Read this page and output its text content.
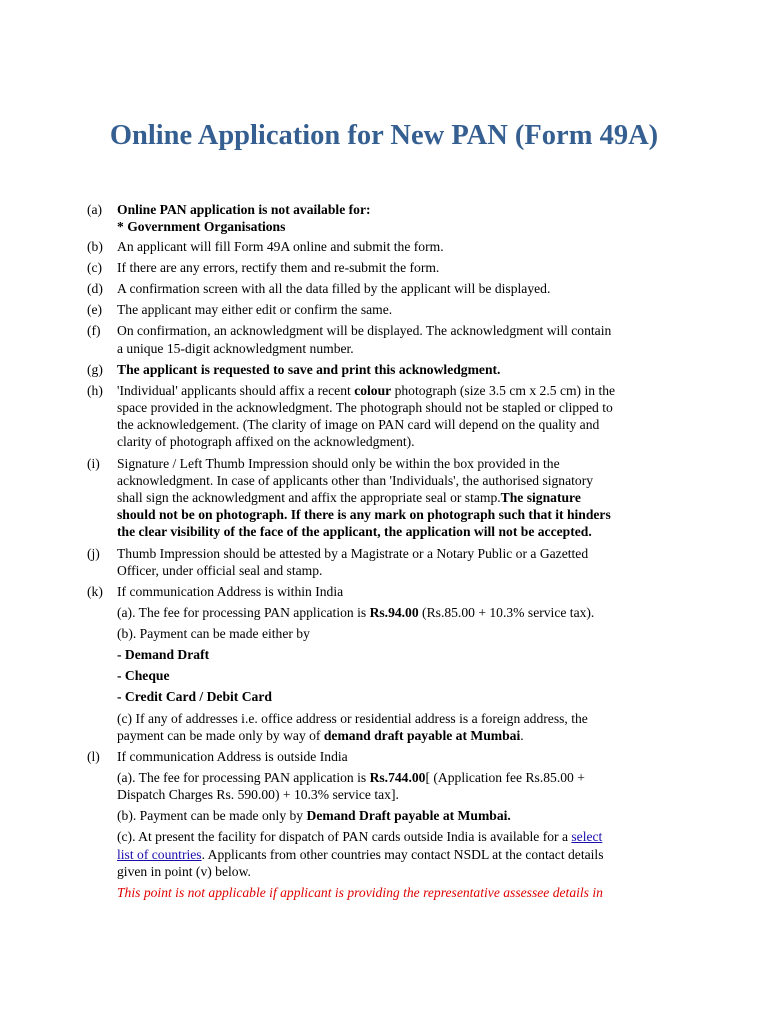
Online Application for New PAN (Form 49A)
(a) Online PAN application is not available for:
* Government Organisations
(b) An applicant will fill Form 49A online and submit the form.
(c) If there are any errors, rectify them and re-submit the form.
(d) A confirmation screen with all the data filled by the applicant will be displayed.
(e) The applicant may either edit or confirm the same.
(f) On confirmation, an acknowledgment will be displayed. The acknowledgment will contain
a unique 15-digit acknowledgment number.
(g) The applicant is requested to save and print this acknowledgment.
(h) 'Individual' applicants should affix a recent colour photograph (size 3.5 cm x 2.5 cm) in the
space provided in the acknowledgment. The photograph should not be stapled or clipped to
the acknowledgement. (The clarity of image on PAN card will depend on the quality and
clarity of photograph affixed on the acknowledgment).
(i) Signature / Left Thumb Impression should only be within the box provided in the
acknowledgment. In case of applicants other than 'Individuals', the authorised signatory
shall sign the acknowledgment and affix the appropriate seal or stamp.The signature
should not be on photograph. If there is any mark on photograph such that it hinders
the clear visibility of the face of the applicant, the application will not be accepted.
(j) Thumb Impression should be attested by a Magistrate or a Notary Public or a Gazetted
Officer, under official seal and stamp.
(k) If communication Address is within India
(a). The fee for processing PAN application is Rs.94.00 (Rs.85.00 + 10.3% service tax).
(b). Payment can be made either by
- Demand Draft
- Cheque
- Credit Card / Debit Card
(c) If any of addresses i.e. office address or residential address is a foreign address, the
payment can be made only by way of demand draft payable at Mumbai.
(l) If communication Address is outside India
(a). The fee for processing PAN application is Rs.744.00[ (Application fee Rs.85.00 +
Dispatch Charges Rs. 590.00) + 10.3% service tax].
(b). Payment can be made only by Demand Draft payable at Mumbai.
(c). At present the facility for dispatch of PAN cards outside India is available for a select
list of countries. Applicants from other countries may contact NSDL at the contact details
given in point (v) below.
This point is not applicable if applicant is providing the representative assessee details in
